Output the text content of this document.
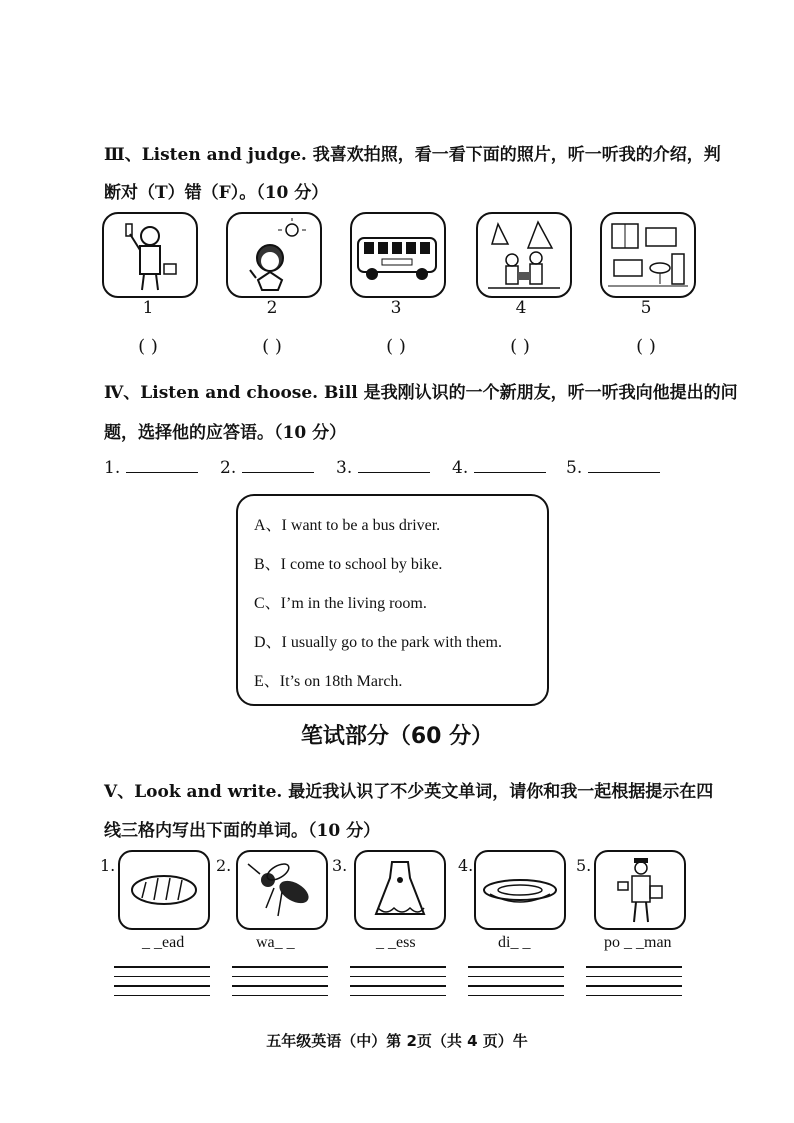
Ⅲ、Listen and judge. 我喜欢拍照，看一看下面的照片，听一听我的介绍，判
断对（T）错（F）。（10 分）
1	2	3	4	5
( )	( )	( )	( )	( )
Ⅳ、Listen and choose. Bill 是我刚认识的一个新朋友，听一听我向他提出的问
题，选择他的应答语。（10 分）
1.	2.	3.	4.	5.
A、I want to be a bus driver.
B、I come to school by bike.
C、I’m in the living room.
D、I usually go to the park with them.
E、It’s on 18th March.
笔试部分（60 分）
Ⅴ、Look and write. 最近我认识了不少英文单词，请你和我一起根据提示在四
线三格内写出下面的单词。（10 分）
1.	2.	3.	4.	5.
_ _ead	wa_ _	_ _ess	di_ _	po _ _man
五年级英语（中）第 2页（共 4 页）牛
